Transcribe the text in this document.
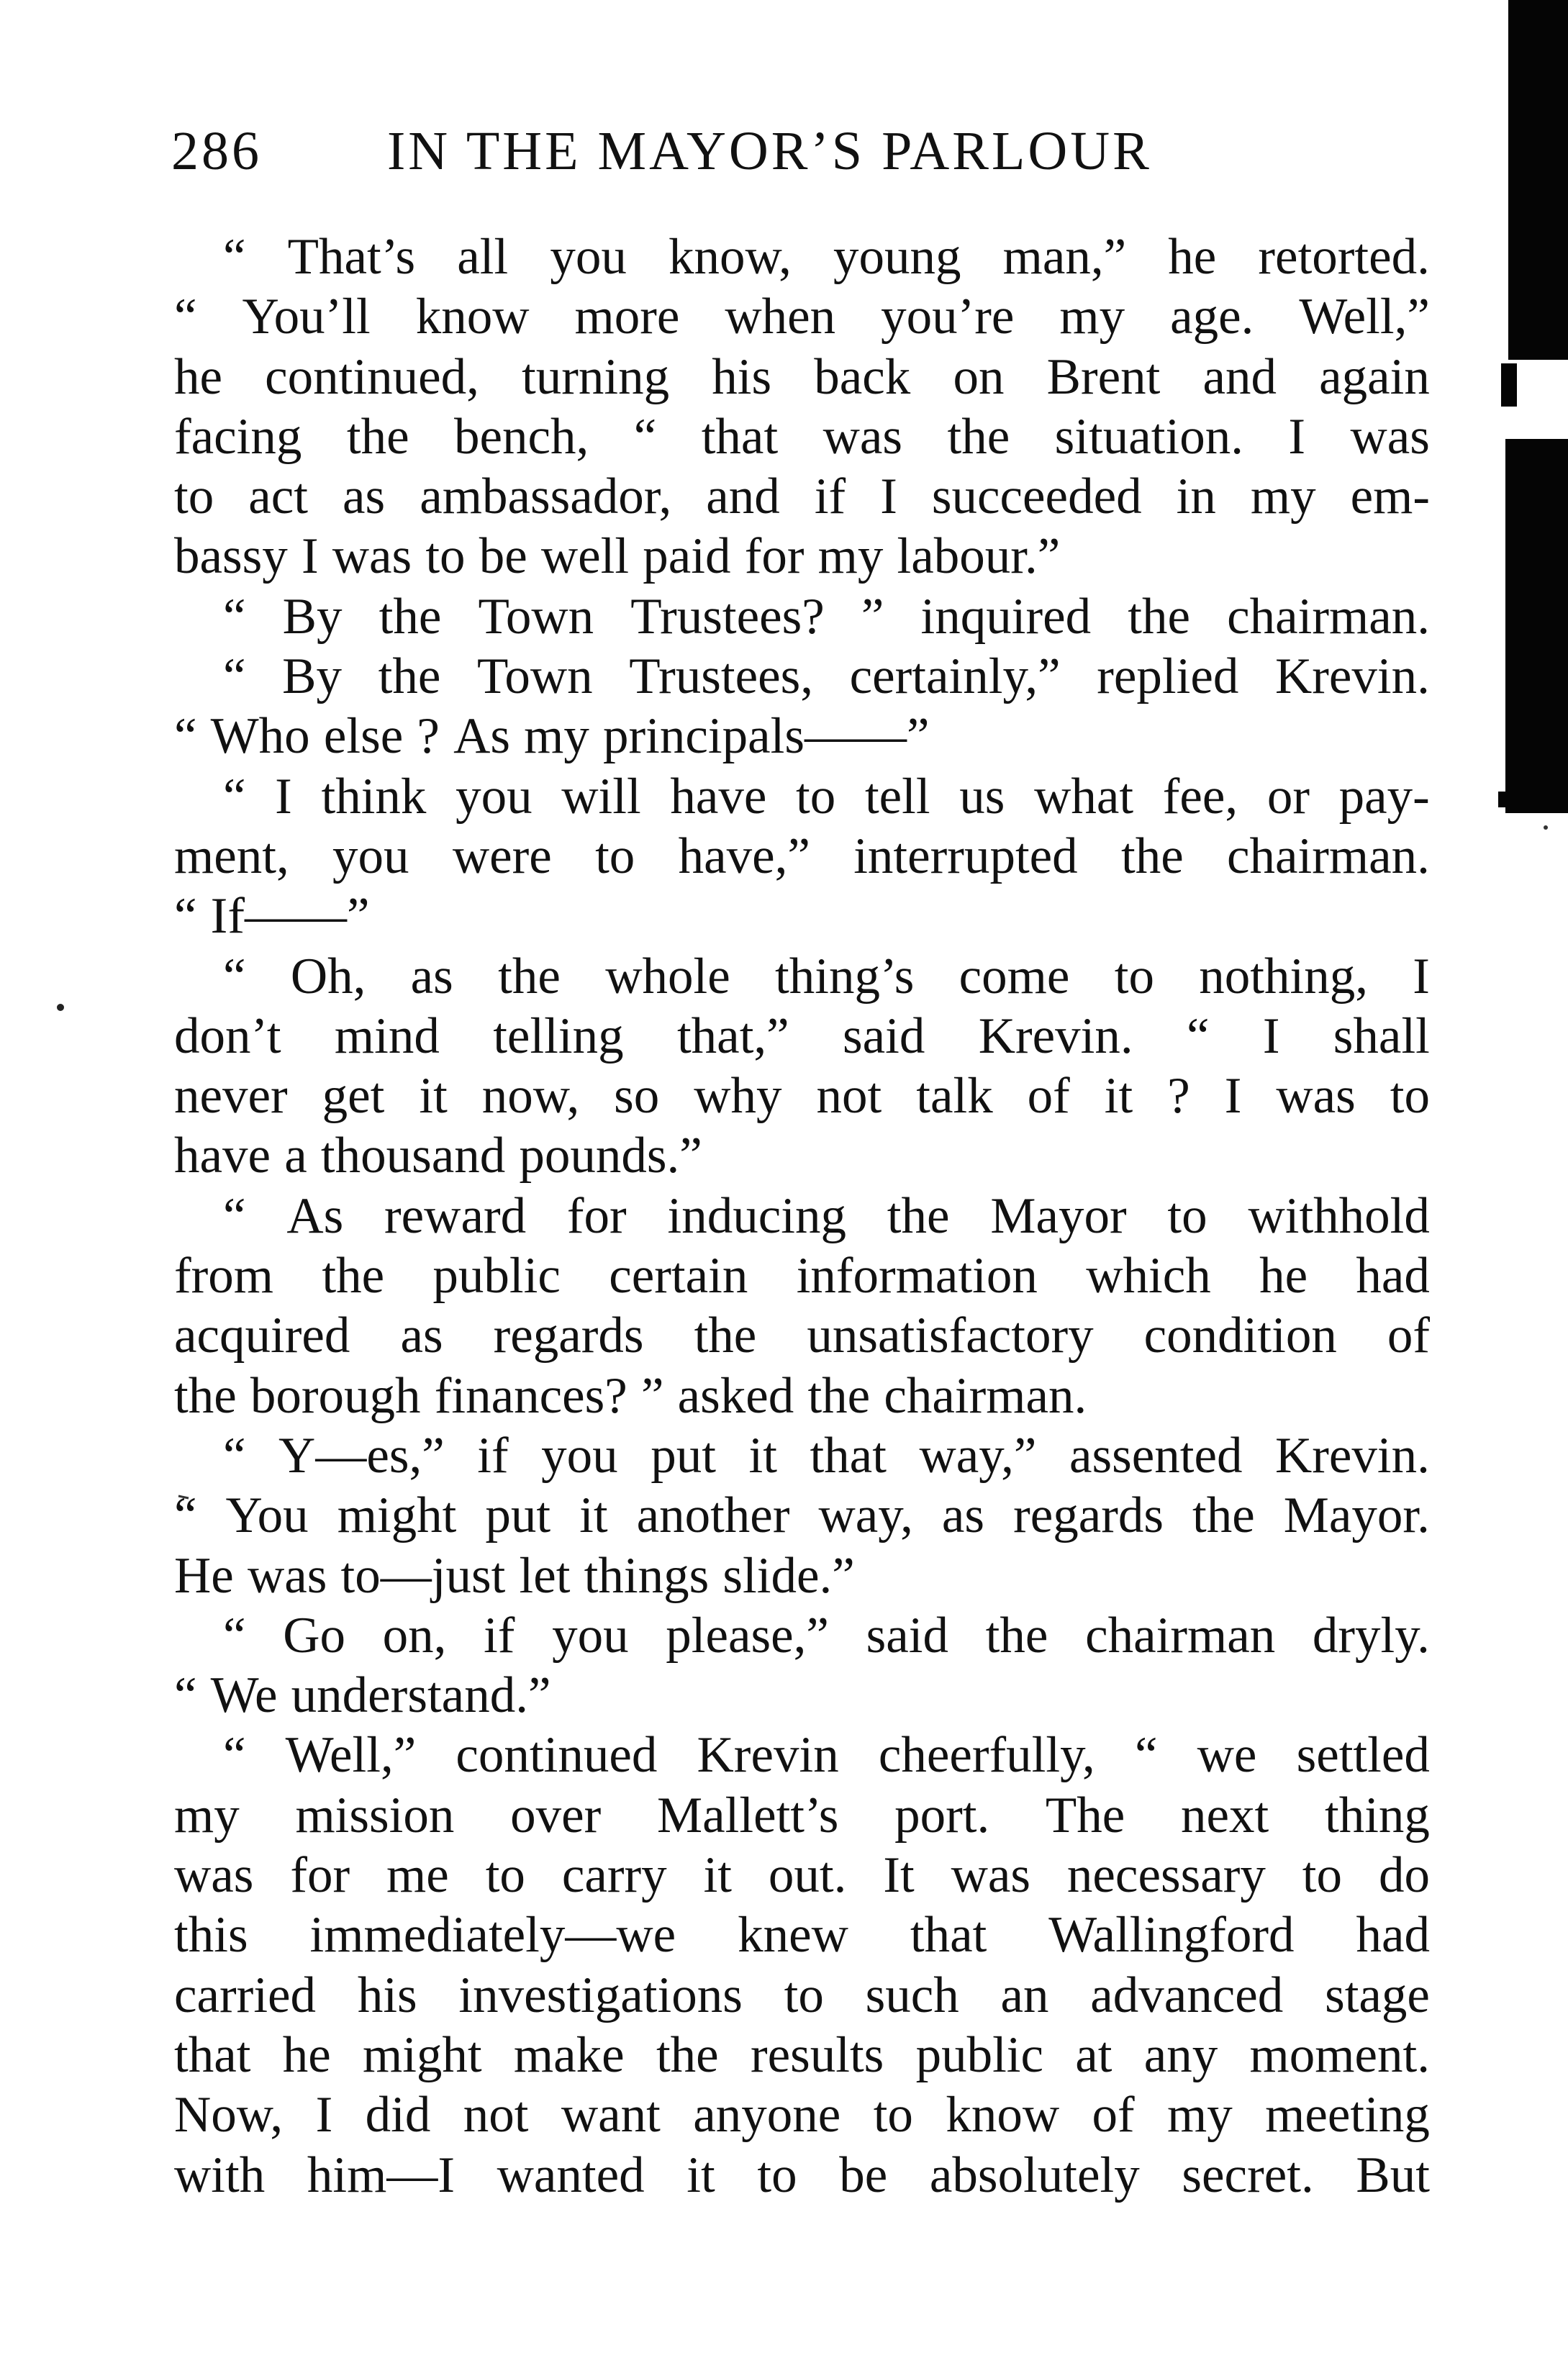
286 IN THE MAYOR’S PARLOUR
“ That’s all you know, young man,” he retorted.
“ You’ll know more when you’re my age. Well,”
he continued, turning his back on Brent and again
facing the bench, “ that was the situation. I was
to act as ambassador, and if I succeeded in my em-
bassy I was to be well paid for my labour.”
“ By the Town Trustees? ” inquired the chairman.
“ By the Town Trustees, certainly,” replied Krevin.
“ Who else ? As my principals——”
“ I think you will have to tell us what fee, or pay-
ment, you were to have,” interrupted the chairman.
“ If——”
“ Oh, as the whole thing’s come to nothing, I
don’t mind telling that,” said Krevin. “ I shall
never get it now, so why not talk of it ? I was to
have a thousand pounds.”
“ As reward for inducing the Mayor to withhold
from the public certain information which he had
acquired as regards the unsatisfactory condition of
the borough finances? ” asked the chairman.
“ Y—es,” if you put it that way,” assented Krevin.
“ You might put it another way, as regards the Mayor.
He was to—just let things slide.”
“ Go on, if you please,” said the chairman dryly.
“ We understand.”
“ Well,” continued Krevin cheerfully, “ we settled
my mission over Mallett’s port. The next thing
was for me to carry it out. It was necessary to do
this immediately—we knew that Wallingford had
carried his investigations to such an advanced stage
that he might make the results public at any moment.
Now, I did not want anyone to know of my meeting
with him—I wanted it to be absolutely secret. But
